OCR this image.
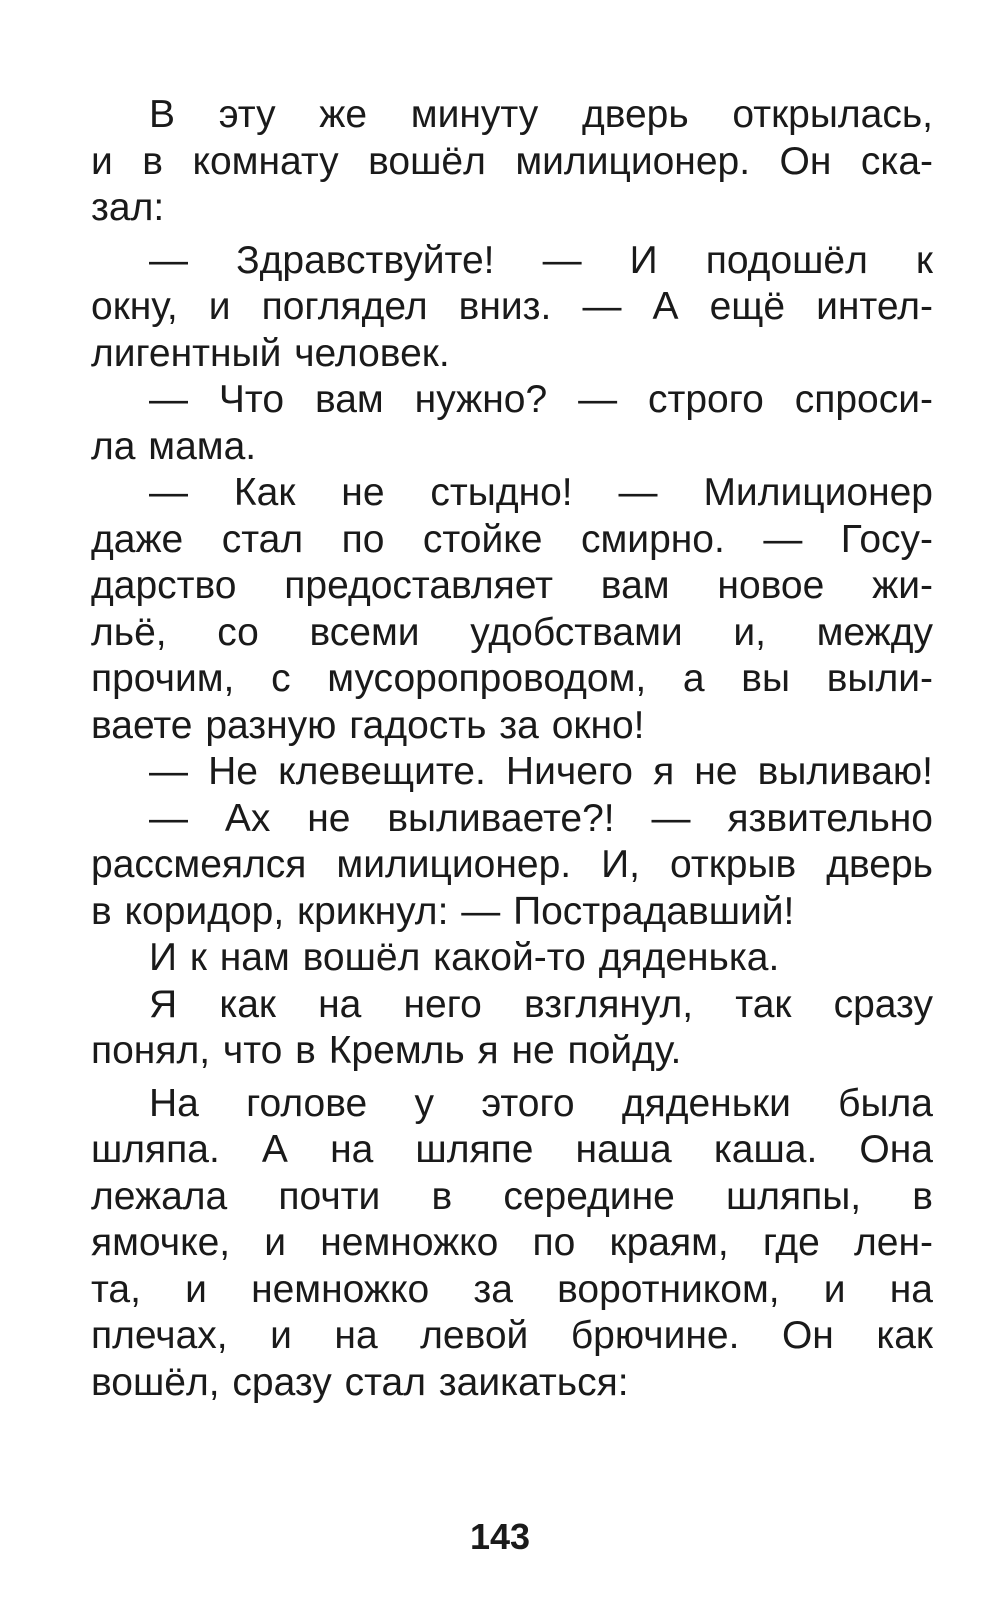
В эту же минуту дверь открылась,
и в комнату вошёл милиционер. Он ска-
зал:
— Здравствуйте! — И подошёл к
окну, и поглядел вниз. — А ещё интел-
лигентный человек.
— Что вам нужно? — строго спроси-
ла мама.
— Как не стыдно! — Милиционер
даже стал по стойке смирно. — Госу-
дарство предоставляет вам новое жи-
льё, со всеми удобствами и, между
прочим, с мусоропроводом, а вы выли-
ваете разную гадость за окно!
— Не клевещите. Ничего я не выливаю!
— Ах не выливаете?! — язвительно
рассмеялся милиционер. И, открыв дверь
в коридор, крикнул: — Пострадавший!
И к нам вошёл какой-то дяденька.
Я как на него взглянул, так сразу
понял, что в Кремль я не пойду.
На голове у этого дяденьки была
шляпа. А на шляпе наша каша. Она
лежала почти в середине шляпы, в
ямочке, и немножко по краям, где лен-
та, и немножко за воротником, и на
плечах, и на левой брючине. Он как
вошёл, сразу стал заикаться:
143
